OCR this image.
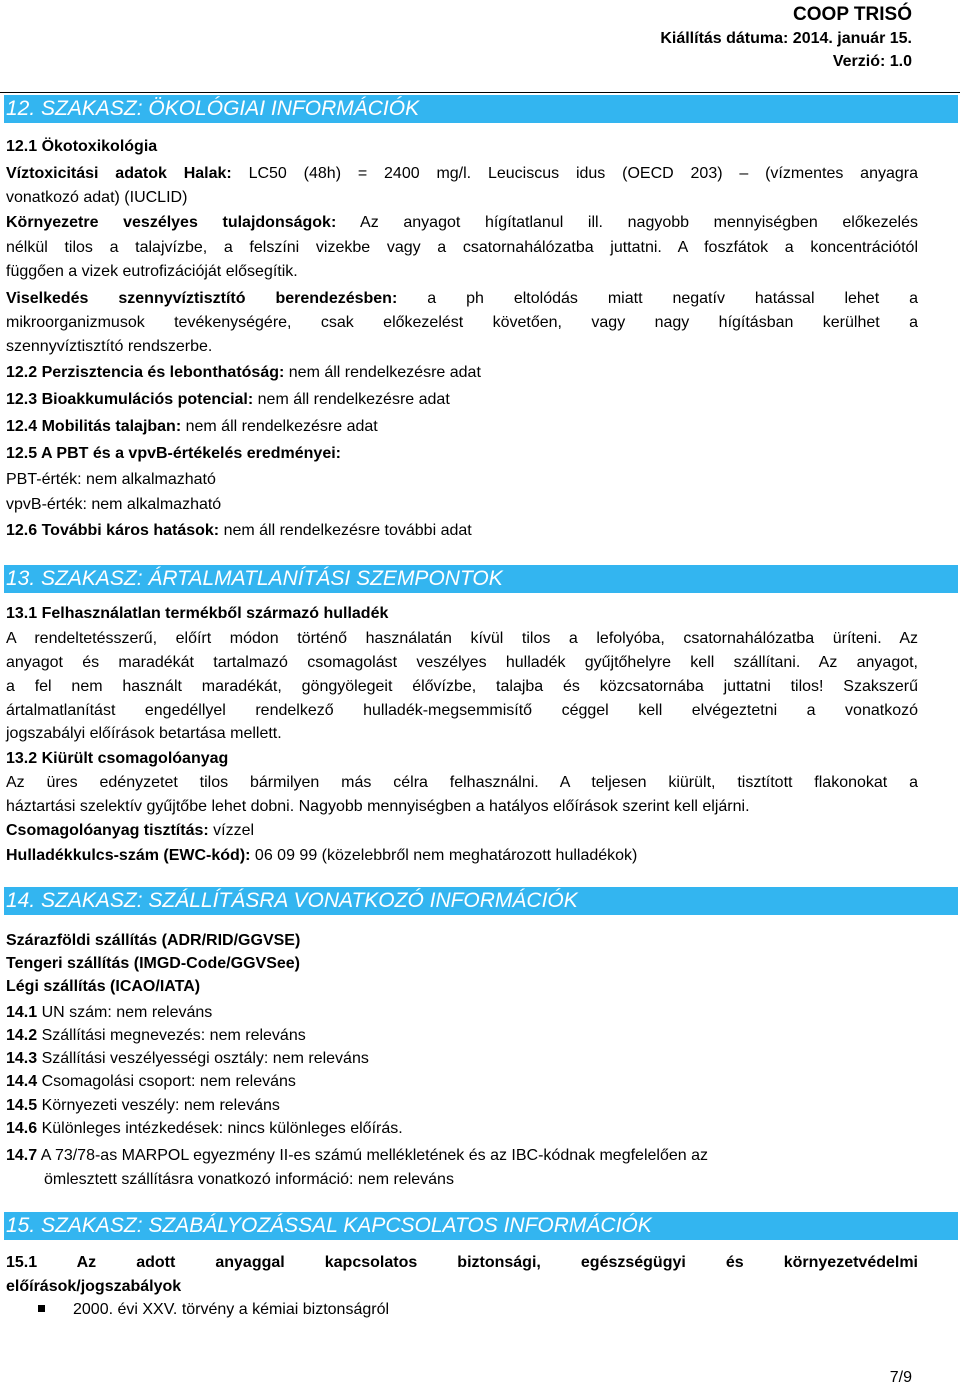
COOP TRISÓ
Kiállítás dátuma: 2014. január 15.
Verzió: 1.0
12. SZAKASZ: ÖKOLÓGIAI INFORMÁCIÓK
12.1 Ökotoxikológia
Víztoxicitási adatok Halak: LC50 (48h) = 2400 mg/l. Leuciscus idus (OECD 203) – (vízmentes anyagra
vonatkozó adat) (IUCLID)
Környezetre veszélyes tulajdonságok: Az anyagot hígítatlanul ill. nagyobb mennyiségben előkezelés
nélkül tilos a talajvízbe, a felszíni vizekbe vagy a csatornahálózatba juttatni. A foszfátok a koncentrációtól
függően a vizek eutrofizációját elősegítik.
Viselkedés szennyvíztisztító berendezésben: a ph eltolódás miatt negatív hatással lehet a
mikroorganizmusok tevékenységére, csak előkezelést követően, vagy nagy hígításban kerülhet a
szennyvíztisztító rendszerbe.
12.2 Perzisztencia és lebonthatóság: nem áll rendelkezésre adat
12.3 Bioakkumulációs potencial: nem áll rendelkezésre adat
12.4 Mobilitás talajban: nem áll rendelkezésre adat
12.5 A PBT és a vpvB-értékelés eredményei:
PBT-érték: nem alkalmazható
vpvB-érték: nem alkalmazható
12.6 További káros hatások: nem áll rendelkezésre további adat
13. SZAKASZ: ÁRTALMATLANÍTÁSI SZEMPONTOK
13.1 Felhasználatlan termékből származó hulladék
A rendeltetésszerű, előírt módon történő használatán kívül tilos a lefolyóba, csatornahálózatba üríteni. Az
anyagot és maradékát tartalmazó csomagolást veszélyes hulladék gyűjtőhelyre kell szállítani. Az anyagot,
a fel nem használt maradékát, göngyölegeit élővízbe, talajba és közcsatornába juttatni tilos! Szakszerű
ártalmatlanítást engedéllyel rendelkező hulladék-megsemmisítő céggel kell elvégeztetni a vonatkozó
jogszabályi előírások betartása mellett.
13.2 Kiürült csomagolóanyag
Az üres edényzetet tilos bármilyen más célra felhasználni. A teljesen kiürült, tisztított flakonokat a
háztartási szelektív gyűjtőbe lehet dobni. Nagyobb mennyiségben a hatályos előírások szerint kell eljárni.
Csomagolóanyag tisztítás: vízzel
Hulladékkulcs-szám (EWC-kód): 06 09 99 (közelebbről nem meghatározott hulladékok)
14. SZAKASZ: SZÁLLÍTÁSRA VONATKOZÓ INFORMÁCIÓK
Szárazföldi szállítás (ADR/RID/GGVSE)
Tengeri szállítás (IMGD-Code/GGVSee)
Légi szállítás (ICAO/IATA)
14.1 UN szám: nem releváns
14.2 Szállítási megnevezés: nem releváns
14.3 Szállítási veszélyességi osztály: nem releváns
14.4 Csomagolási csoport: nem releváns
14.5 Környezeti veszély: nem releváns
14.6 Különleges intézkedések: nincs különleges előírás.
14.7 A 73/78-as MARPOL egyezmény II-es számú mellékletének és az IBC-kódnak megfelelően az
ömlesztett szállításra vonatkozó információ: nem releváns
15. SZAKASZ: SZABÁLYOZÁSSAL KAPCSOLATOS INFORMÁCIÓK
15.1 Az adott anyaggal kapcsolatos biztonsági, egészségügyi és környezetvédelmi
előírások/jogszabályok
2000. évi XXV. törvény a kémiai biztonságról
7/9
